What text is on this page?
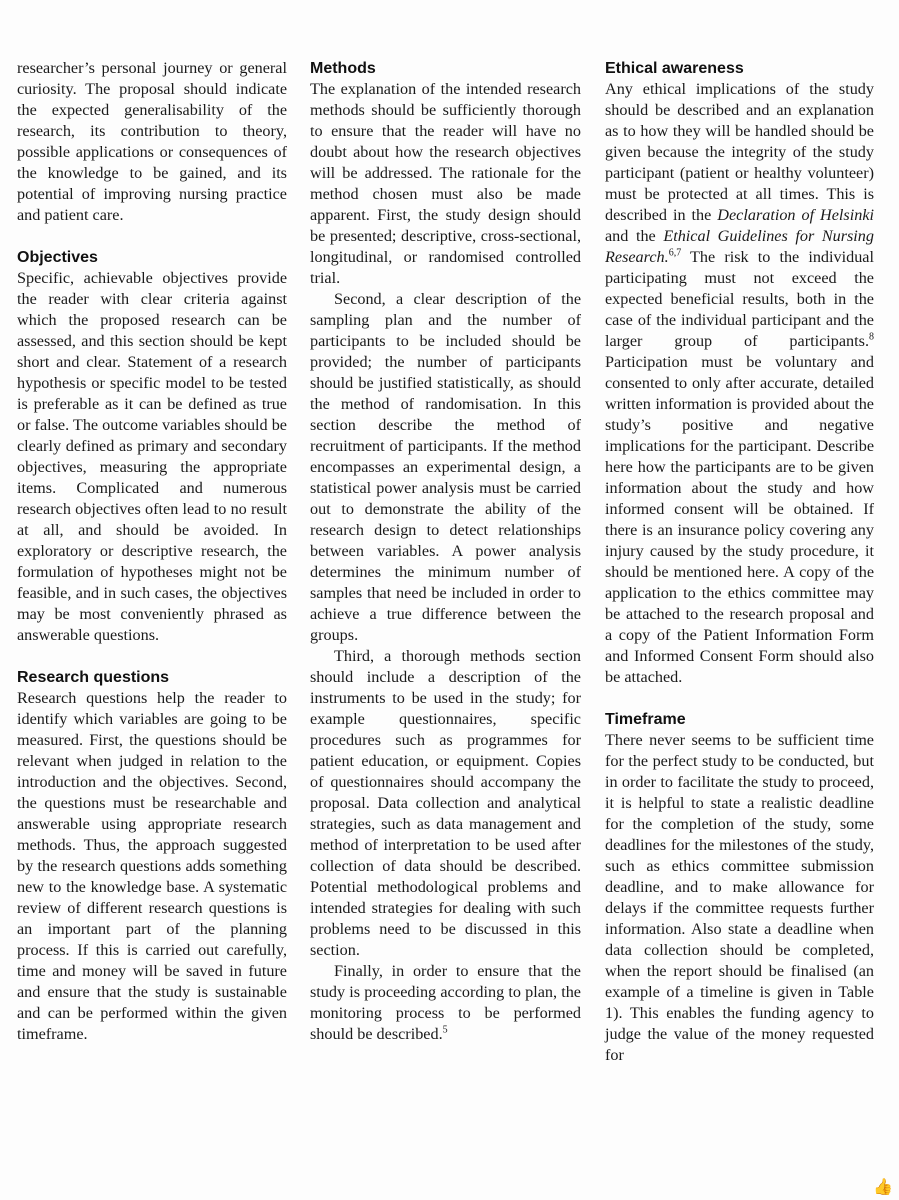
researcher’s personal journey or general curiosity. The proposal should indicate the expected generalisability of the research, its contribution to theory, possible applications or consequences of the knowledge to be gained, and its potential of improving nursing practice and patient care.

Objectives

Specific, achievable objectives provide the reader with clear criteria against which the proposed research can be assessed, and this section should be kept short and clear. Statement of a research hypothesis or specific model to be tested is preferable as it can be defined as true or false. The outcome variables should be clearly defined as primary and secondary objectives, measuring the appropriate items. Complicated and numerous research objectives often lead to no result at all, and should be avoided. In exploratory or descriptive research, the formulation of hypotheses might not be feasible, and in such cases, the objectives may be most conveniently phrased as answerable questions.

Research questions

Research questions help the reader to identify which variables are going to be measured. First, the questions should be relevant when judged in relation to the introduction and the objectives. Second, the questions must be researchable and answerable using appropriate research methods. Thus, the approach suggested by the research questions adds something new to the knowledge base. A systematic review of different research questions is an important part of the planning process. If this is carried out carefully, time and money will be saved in future and ensure that the study is sustainable and can be performed within the given timeframe.

Methods

The explanation of the intended research methods should be sufficiently thorough to ensure that the reader will have no doubt about how the research objectives will be addressed. The rationale for the method chosen must also be made apparent. First, the study design should be presented; descriptive, cross-sectional, longitudinal, or randomised controlled trial.

Second, a clear description of the sampling plan and the number of participants to be included should be provided; the number of participants should be justified statistically, as should the method of randomisation. In this section describe the method of recruitment of participants. If the method encompasses an experimental design, a statistical power analysis must be carried out to demonstrate the ability of the research design to detect relationships between variables. A power analysis determines the minimum number of samples that need be included in order to achieve a true difference between the groups.

Third, a thorough methods section should include a description of the instruments to be used in the study; for example questionnaires, specific procedures such as programmes for patient education, or equipment. Copies of questionnaires should accompany the proposal. Data collection and analytical strategies, such as data management and method of interpretation to be used after collection of data should be described. Potential methodological problems and intended strategies for dealing with such problems need to be discussed in this section.

Finally, in order to ensure that the study is proceeding according to plan, the monitoring process to be performed should be described.$^5$

Ethical awareness

Any ethical implications of the study should be described and an explanation as to how they will be handled should be given because the integrity of the study participant (patient or healthy volunteer) must be protected at all times. This is described in the Declaration of Helsinki and the Ethical Guidelines for Nursing Research.$^{6,7}$ The risk to the individual participating must not exceed the expected beneficial results, both in the case of the individual participant and the larger group of participants.$^8$ Participation must be voluntary and consented to only after accurate, detailed written information is provided about the study’s positive and negative implications for the participant. Describe here how the participants are to be given information about the study and how informed consent will be obtained. If there is an insurance policy covering any injury caused by the study procedure, it should be mentioned here. A copy of the application to the ethics committee may be attached to the research proposal and a copy of the Patient Information Form and Informed Consent Form should also be attached.

Timeframe

There never seems to be sufficient time for the perfect study to be conducted, but in order to facilitate the study to proceed, it is helpful to state a realistic deadline for the completion of the study, some deadlines for the milestones of the study, such as ethics committee submission deadline, and to make allowance for delays if the committee requests further information. Also state a deadline when data collection should be completed, when the report should be finalised (an example of a timeline is given in Table 1). This enables the funding agency to judge the value of the money requested for

👍
